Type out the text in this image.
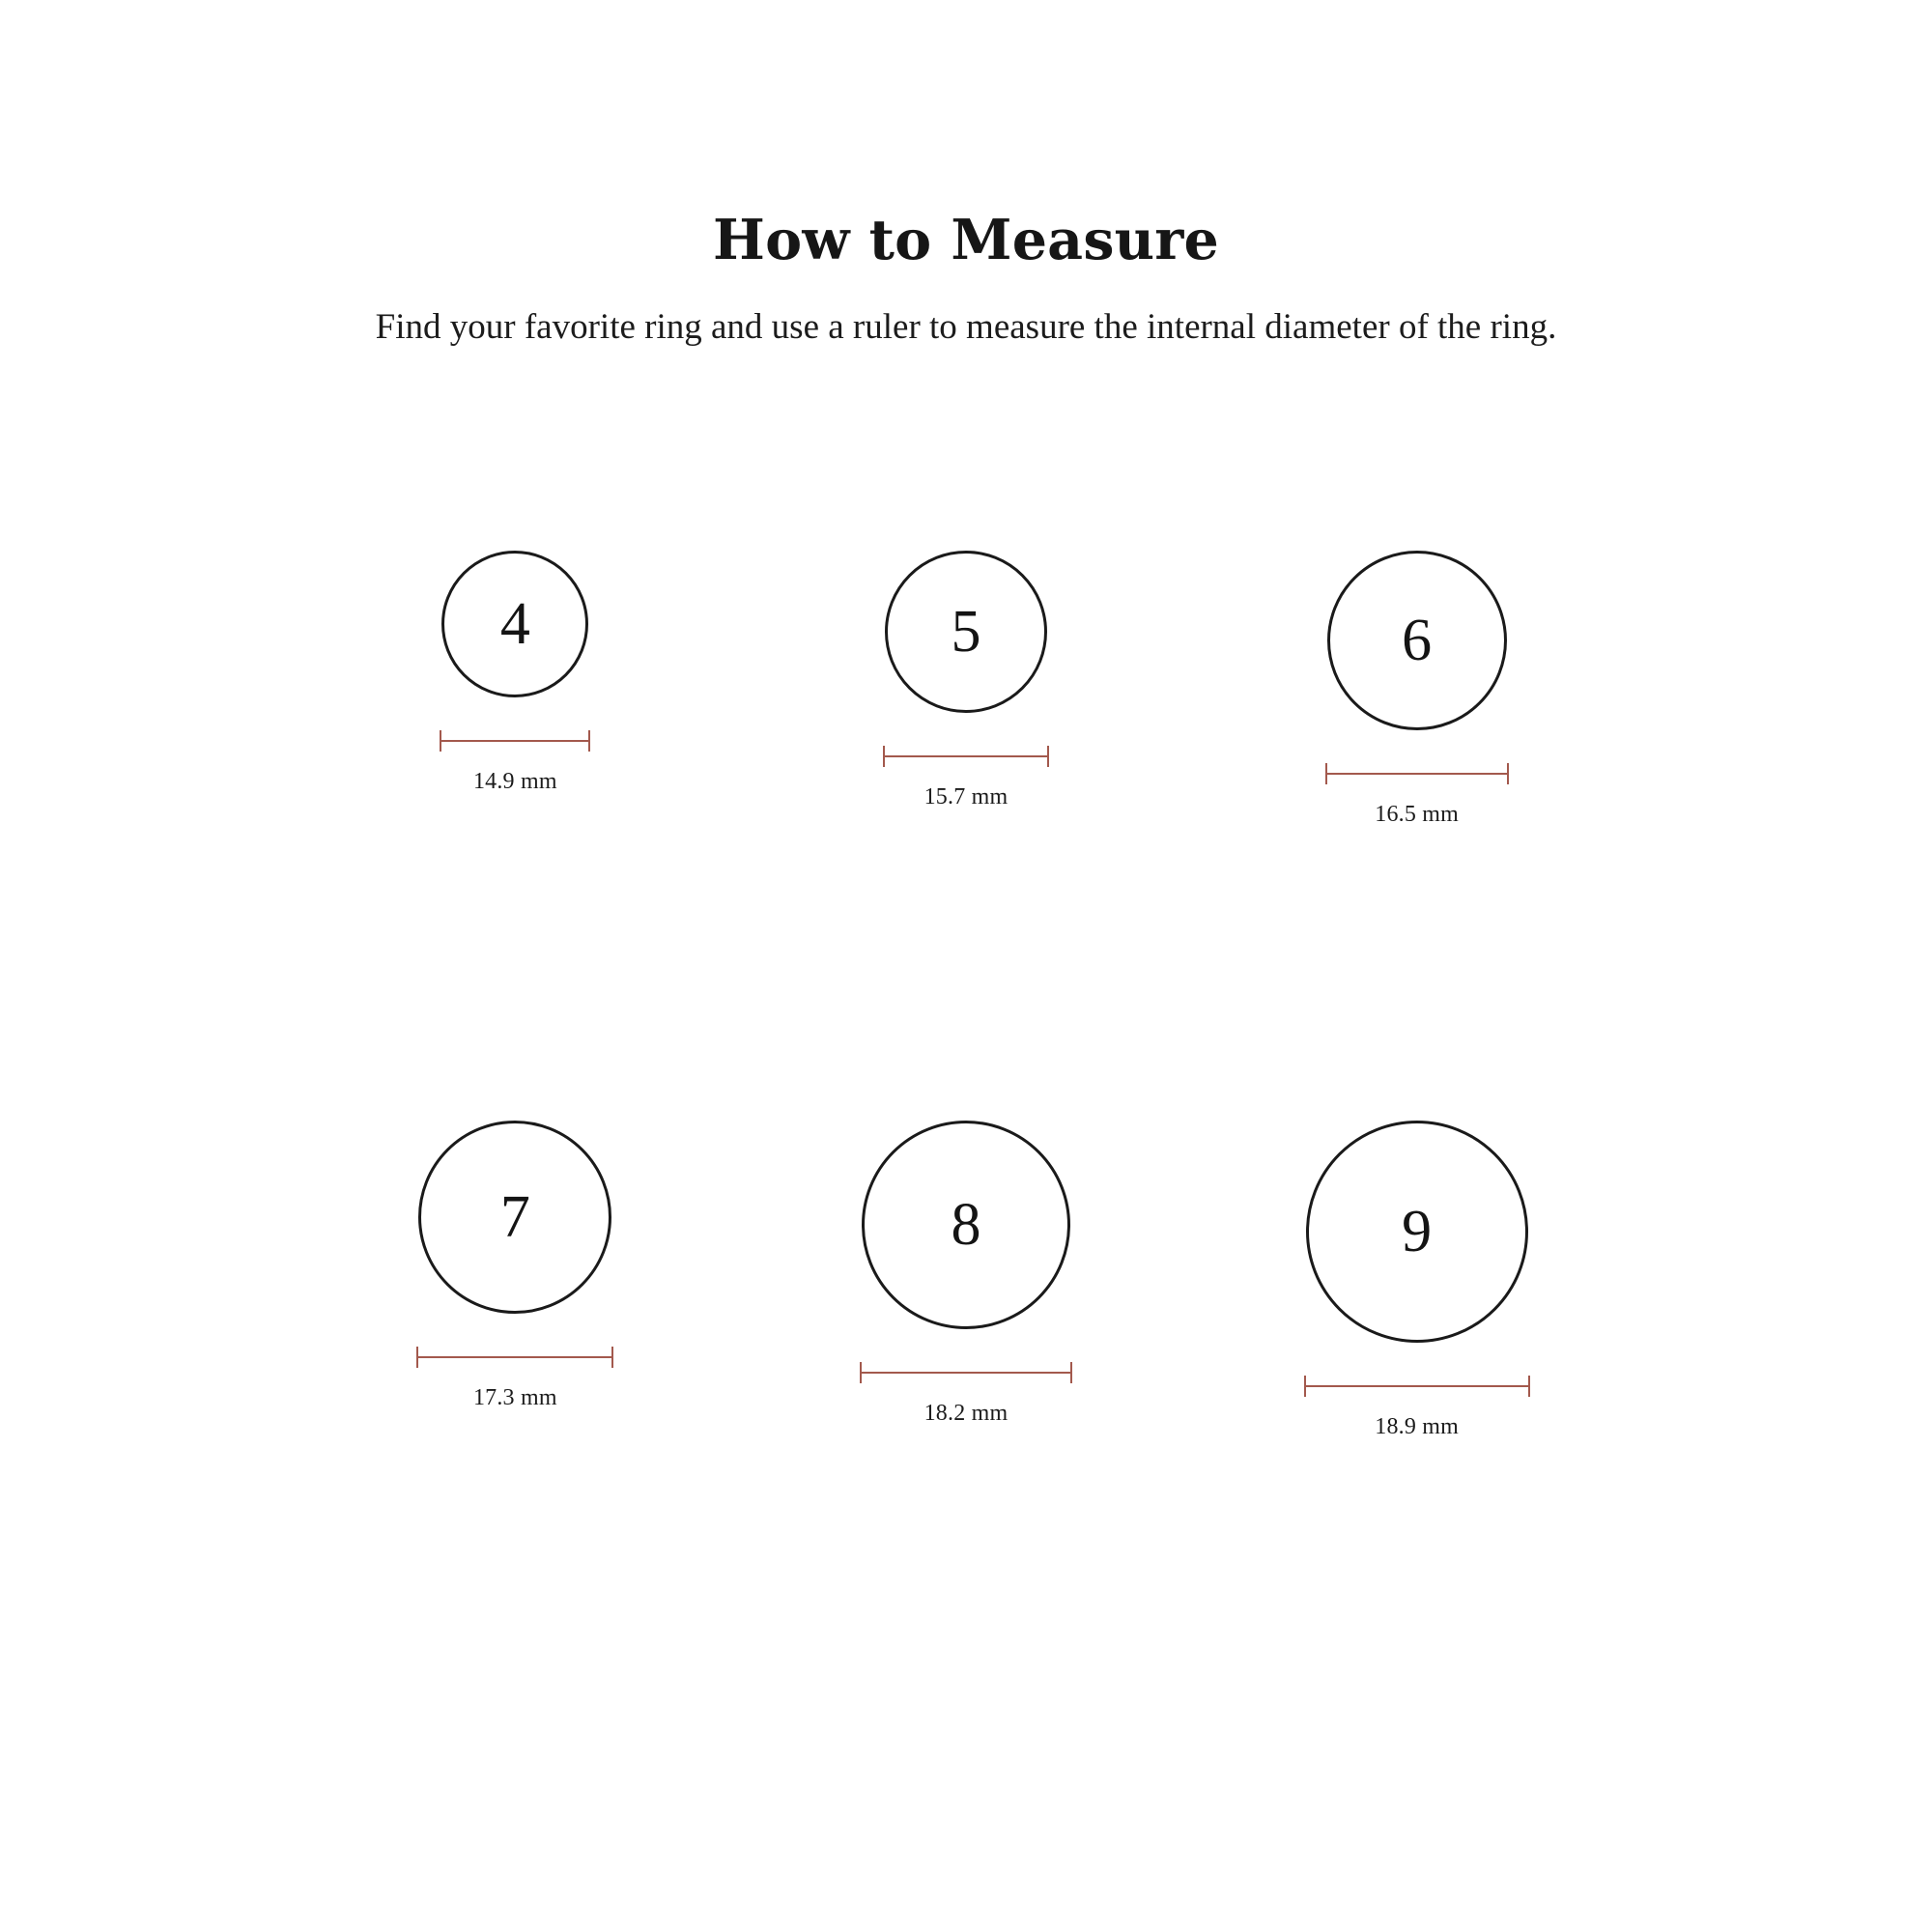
How to Measure

Find your favorite ring and use a ruler to measure the internal diameter of the ring.

4
14.9 mm
5
15.7 mm
6
16.5 mm
7
17.3 mm
8
18.2 mm
9
18.9 mm
